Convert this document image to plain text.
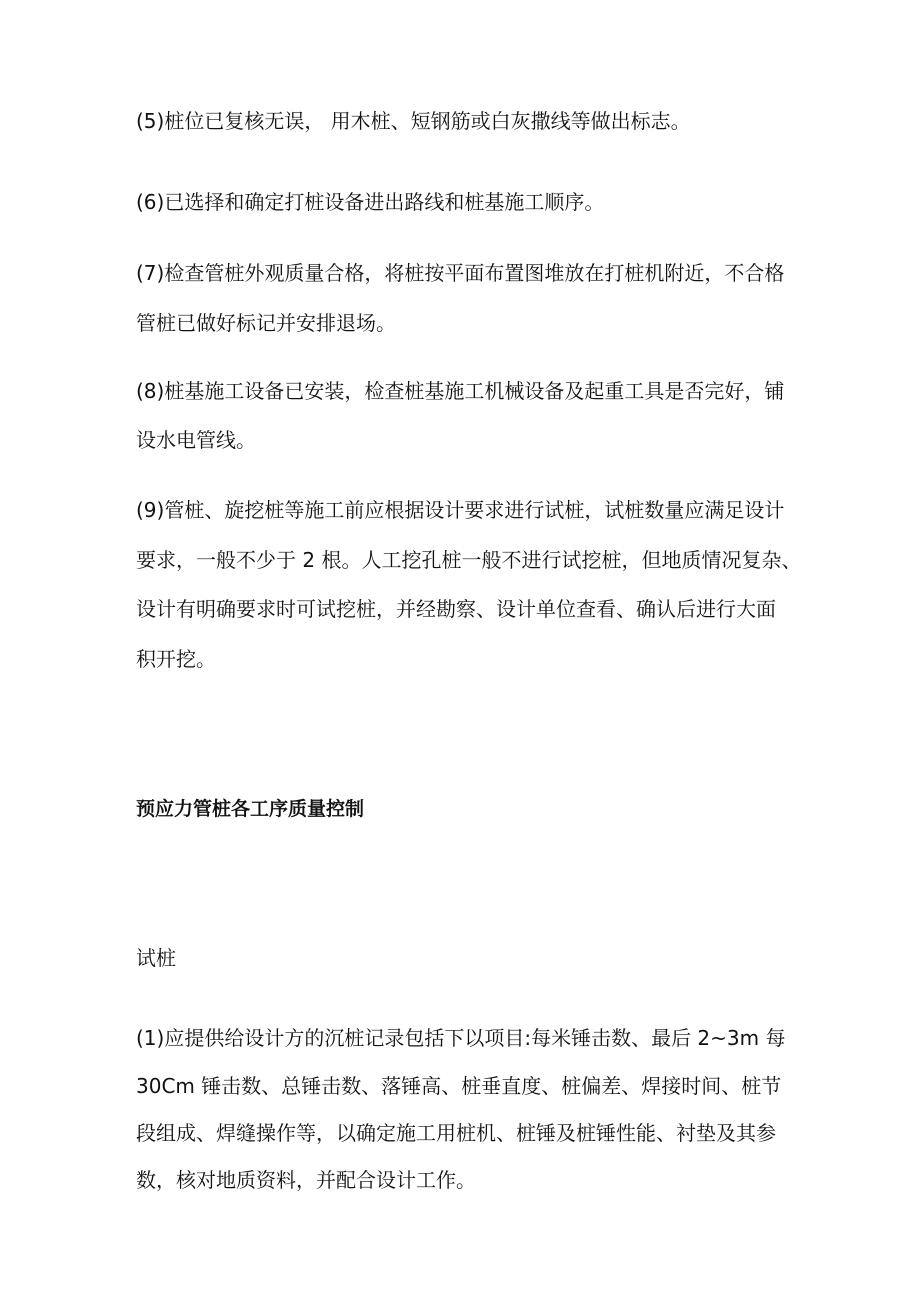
(5)桩位已复核无误， 用木桩、短钢筋或白灰撒线等做出标志。
(6)已选择和确定打桩设备进出路线和桩基施工顺序。
(7)检查管桩外观质量合格，将桩按平面布置图堆放在打桩机附近，不合格
管桩已做好标记并安排退场。
(8)桩基施工设备已安装，检查桩基施工机械设备及起重工具是否完好，铺
设水电管线。
(9)管桩、旋挖桩等施工前应根据设计要求进行试桩，试桩数量应满足设计
要求，一般不少于 2 根。人工挖孔桩一般不进行试挖桩，但地质情况复杂、
设计有明确要求时可试挖桩，并经勘察、设计单位查看、确认后进行大面
积开挖。
预应力管桩各工序质量控制
试桩
(1)应提供给设计方的沉桩记录包括下以项目:每米锤击数、最后 2~3m 每
30Cm 锤击数、总锤击数、落锤高、桩垂直度、桩偏差、焊接时间、桩节
段组成、焊缝操作等，以确定施工用桩机、桩锤及桩锤性能、衬垫及其参
数，核对地质资料，并配合设计工作。
